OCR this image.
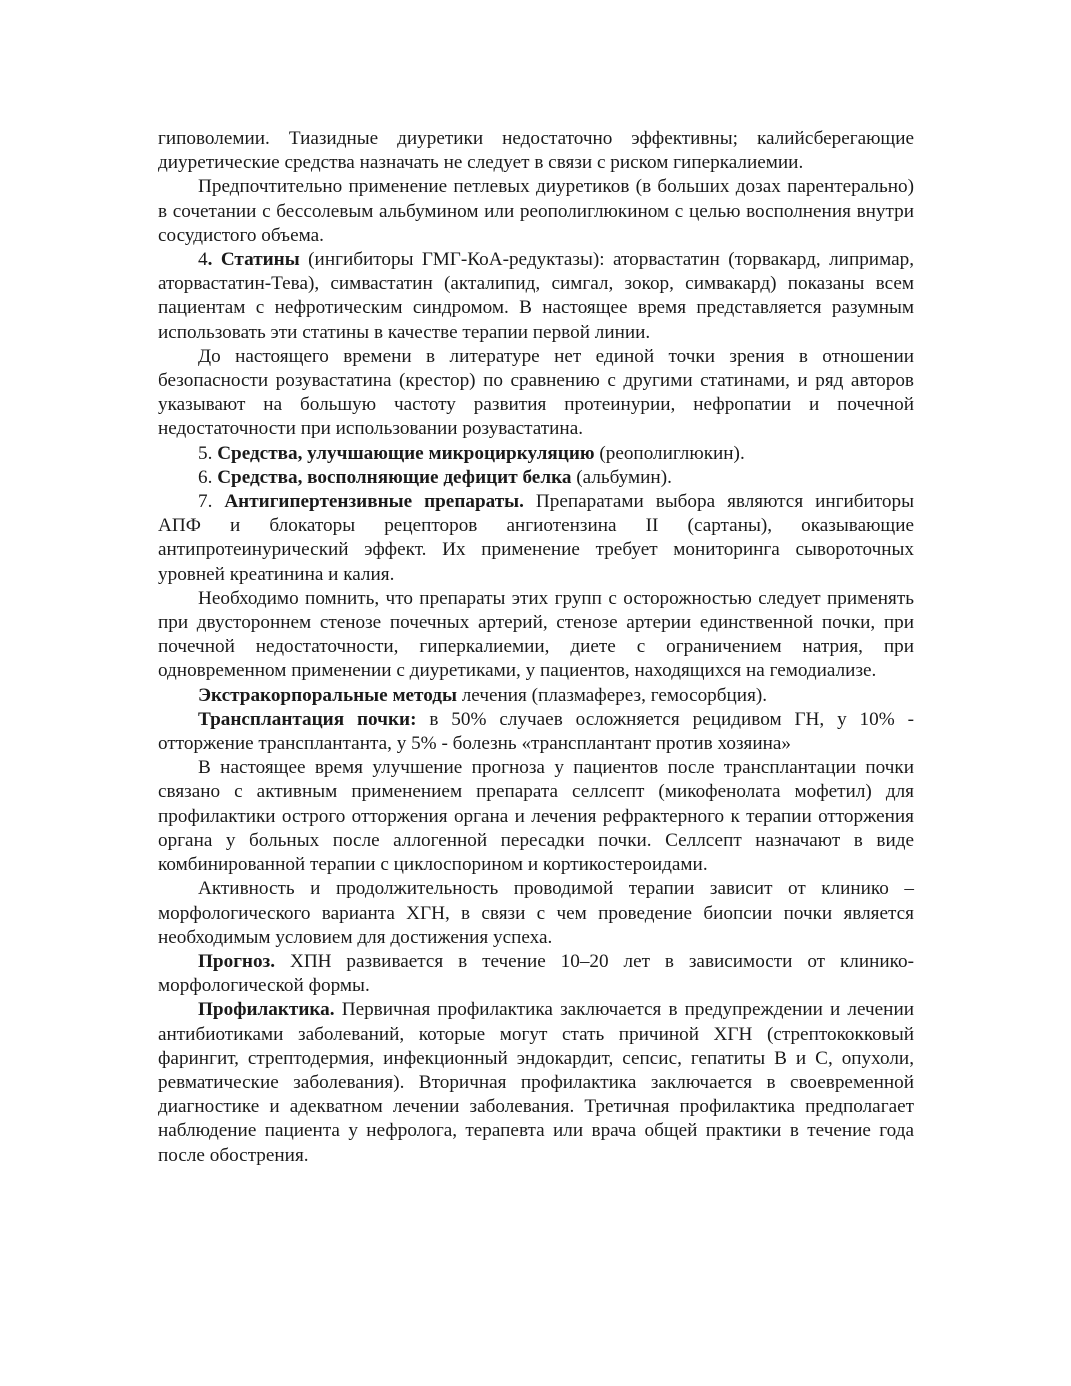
гиповолемии. Тиазидные диуретики недостаточно эффективны; калийсберегающие диуретические средства назначать не следует в связи с риском гиперкалиемии.

Предпочтительно применение петлевых диуретиков (в больших дозах парентерально) в сочетании с бессолевым альбумином или реополиглюкином с целью восполнения внутри сосудистого объема.

4. Статины (ингибиторы ГМГ-КоА-редуктазы): аторвастатин (торвакард, липримар, аторвастатин-Тева), симвастатин (акталипид, симгал, зокор, симвакард) показаны всем пациентам с нефротическим синдромом. В настоящее время представляется разумным использовать эти статины в качестве терапии первой линии.

До настоящего времени в литературе нет единой точки зрения в отношении безопасности розувастатина (крестор) по сравнению с другими статинами, и ряд авторов указывают на большую частоту развития протеинурии, нефропатии и почечной недостаточности при использовании розувастатина.

5. Средства, улучшающие микроциркуляцию (реополиглюкин).

6. Средства, восполняющие дефицит белка (альбумин).

7. Антигипертензивные препараты. Препаратами выбора являются ингибиторы АПФ и блокаторы рецепторов ангиотензина II (сартаны), оказывающие антипротеинурический эффект. Их применение требует мониторинга сывороточных уровней креатинина и калия.

Необходимо помнить, что препараты этих групп с осторожностью следует применять при двустороннем стенозе почечных артерий, стенозе артерии единственной почки, при почечной недостаточности, гиперкалиемии, диете с ограничением натрия, при одновременном применении с диуретиками, у пациентов, находящихся на гемодиализе.

Экстракорпоральные методы лечения (плазмаферез, гемосорбция).

Трансплантация почки: в 50% случаев осложняется рецидивом ГН, у 10% - отторжение трансплантанта, у 5% - болезнь «трансплантант против хозяина»

В настоящее время улучшение прогноза у пациентов после трансплантации почки связано с активным применением препарата селлсепт (микофенолата мофетил) для профилактики острого отторжения органа и лечения рефрактерного к терапии отторжения органа у больных после аллогенной пересадки почки. Селлсепт назначают в виде комбинированной терапии с циклоспорином и кортикостероидами.

Активность и продолжительность проводимой терапии зависит от клинико – морфологического варианта ХГН, в связи с чем проведение биопсии почки является необходимым условием для достижения успеха.

Прогноз. ХПН развивается в течение 10–20 лет в зависимости от клинико-морфологической формы.

Профилактика. Первичная профилактика заключается в предупреждении и лечении антибиотиками заболеваний, которые могут стать причиной ХГН (стрептококковый фарингит, стрептодермия, инфекционный эндокардит, сепсис, гепатиты В и С, опухоли, ревматические заболевания). Вторичная профилактика заключается в своевременной диагностике и адекватном лечении заболевания. Третичная профилактика предполагает наблюдение пациента у нефролога, терапевта или врача общей практики в течение года после обострения.
